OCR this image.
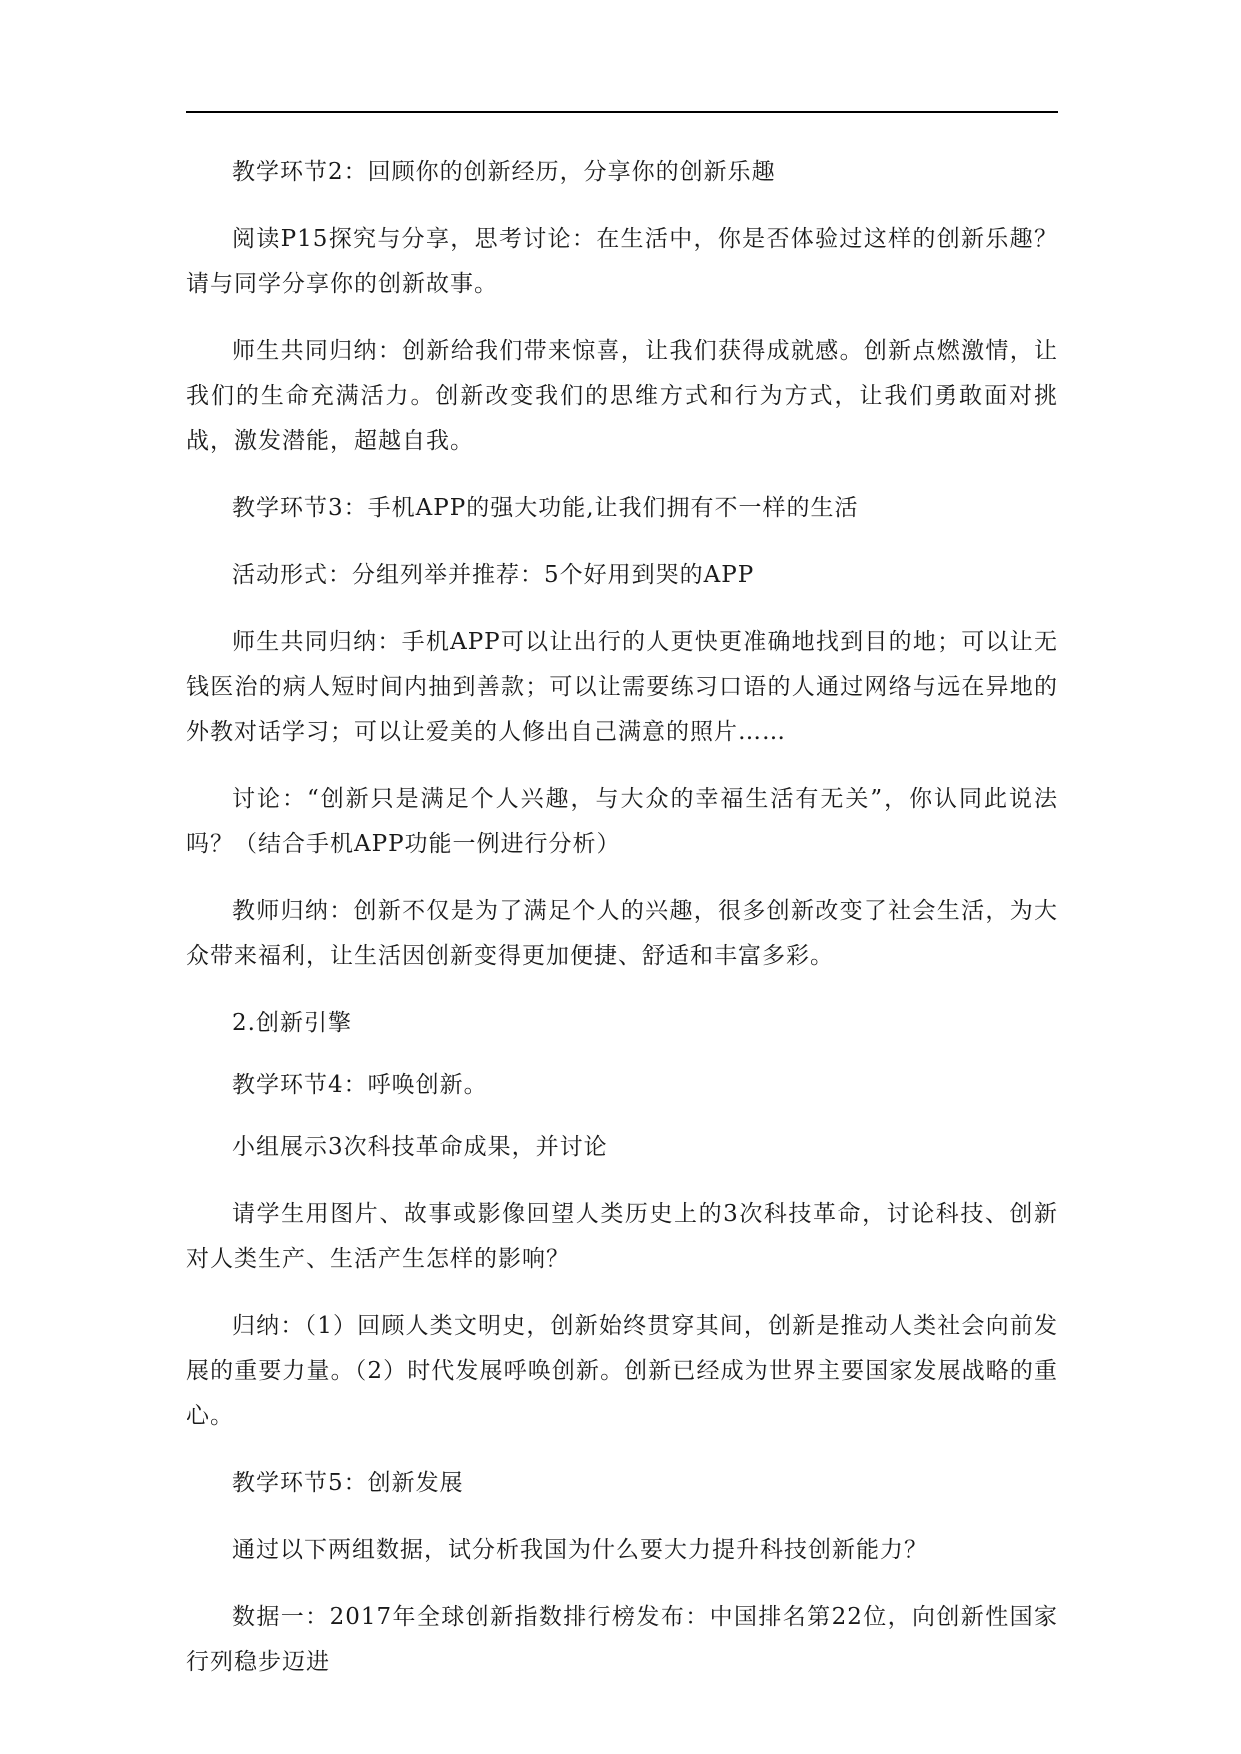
教学环节2：回顾你的创新经历，分享你的创新乐趣

阅读P15探究与分享，思考讨论：在生活中，你是否体验过这样的创新乐趣？请与同学分享你的创新故事。

师生共同归纳：创新给我们带来惊喜，让我们获得成就感。创新点燃激情，让我们的生命充满活力。创新改变我们的思维方式和行为方式，让我们勇敢面对挑战，激发潜能，超越自我。

教学环节3：手机APP的强大功能,让我们拥有不一样的生活

活动形式：分组列举并推荐：5个好用到哭的APP

师生共同归纳：手机APP可以让出行的人更快更准确地找到目的地；可以让无钱医治的病人短时间内抽到善款；可以让需要练习口语的人通过网络与远在异地的外教对话学习；可以让爱美的人修出自己满意的照片……

讨论：“创新只是满足个人兴趣，与大众的幸福生活有无关”，你认同此说法吗？（结合手机APP功能一例进行分析）

教师归纳：创新不仅是为了满足个人的兴趣，很多创新改变了社会生活，为大众带来福利，让生活因创新变得更加便捷、舒适和丰富多彩。

2.创新引擎

教学环节4：呼唤创新。

小组展示3次科技革命成果，并讨论

请学生用图片、故事或影像回望人类历史上的3次科技革命，讨论科技、创新对人类生产、生活产生怎样的影响？

归纳：（1）回顾人类文明史，创新始终贯穿其间，创新是推动人类社会向前发展的重要力量。（2）时代发展呼唤创新。创新已经成为世界主要国家发展战略的重心。

教学环节5：创新发展

通过以下两组数据，试分析我国为什么要大力提升科技创新能力？

数据一：2017年全球创新指数排行榜发布：中国排名第22位，向创新性国家行列稳步迈进
